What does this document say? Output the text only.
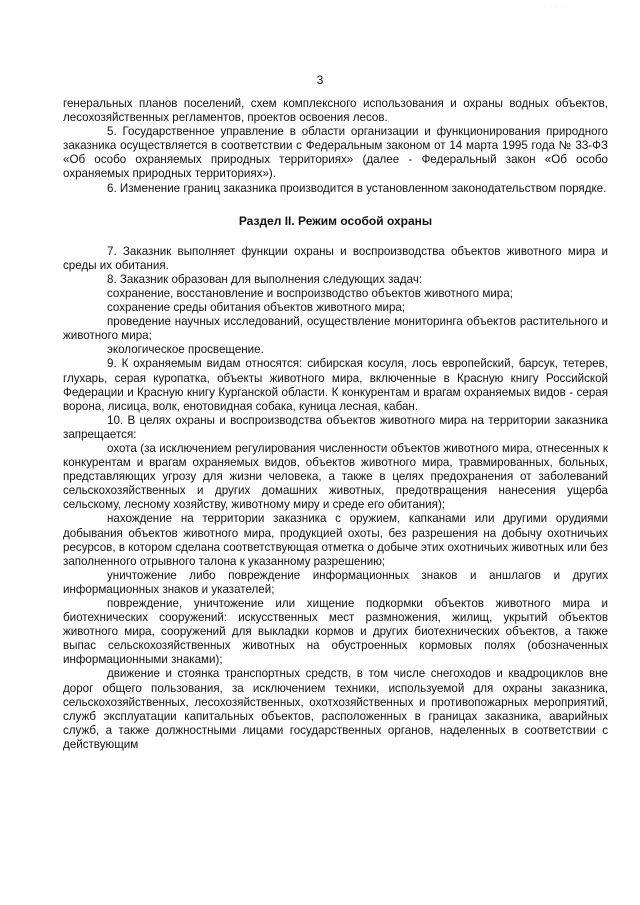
· · · · ·
3

генеральных планов поселений, схем комплексного использования и охраны водных объектов, лесохозяйственных регламентов, проектов освоения лесов.

5. Государственное управление в области организации и функционирования природного заказника осуществляется в соответствии с Федеральным законом от 14 марта 1995 года № 33-ФЗ «Об особо охраняемых природных территориях» (далее - Федеральный закон «Об особо охраняемых природных территориях»).

6. Изменение границ заказника производится в установленном законодательством порядке.

Раздел II. Режим особой охраны

7. Заказник выполняет функции охраны и воспроизводства объектов животного мира и среды их обитания.

8. Заказник образован для выполнения следующих задач:

сохранение, восстановление и воспроизводство объектов животного мира;

сохранение среды обитания объектов животного мира;

проведение научных исследований, осуществление мониторинга объектов растительного и животного мира;

экологическое просвещение.

9. К охраняемым видам относятся: сибирская косуля, лось европейский, барсук, тетерев, глухарь, серая куропатка, объекты животного мира, включенные в Красную книгу Российской Федерации и Красную книгу Курганской области. К конкурентам и врагам охраняемых видов - серая ворона, лисица, волк, енотовидная собака, куница лесная, кабан.

10. В целях охраны и воспроизводства объектов животного мира на территории заказника запрещается:

охота (за исключением регулирования численности объектов животного мира, отнесенных к конкурентам и врагам охраняемых видов, объектов животного мира, травмированных, больных, представляющих угрозу для жизни человека, а также в целях предохранения от заболеваний сельскохозяйственных и других домашних животных, предотвращения нанесения ущерба сельскому, лесному хозяйству, животному миру и среде его обитания);

нахождение на территории заказника с оружием, капканами или другими орудиями добывания объектов животного мира, продукцией охоты, без разрешения на добычу охотничьих ресурсов, в котором сделана соответствующая отметка о добыче этих охотничьих животных или без заполненного отрывного талона к указанному разрешению;

уничтожение либо повреждение информационных знаков и аншлагов и других информационных знаков и указателей;

повреждение, уничтожение или хищение подкормки объектов животного мира и биотехнических сооружений: искусственных мест размножения, жилищ, укрытий объектов животного мира, сооружений для выкладки кормов и других биотехнических объектов, а также выпас сельскохозяйственных животных на обустроенных кормовых полях (обозначенных информационными знаками);

движение и стоянка транспортных средств, в том числе снегоходов и квадроциклов вне дорог общего пользования, за исключением техники, используемой для охраны заказника, сельскохозяйственных, лесохозяйственных, охотхозяйственных и противопожарных мероприятий, служб эксплуатации капитальных объектов, расположенных в границах заказника, аварийных служб, а также должностными лицами государственных органов, наделенных в соответствии с действующим
